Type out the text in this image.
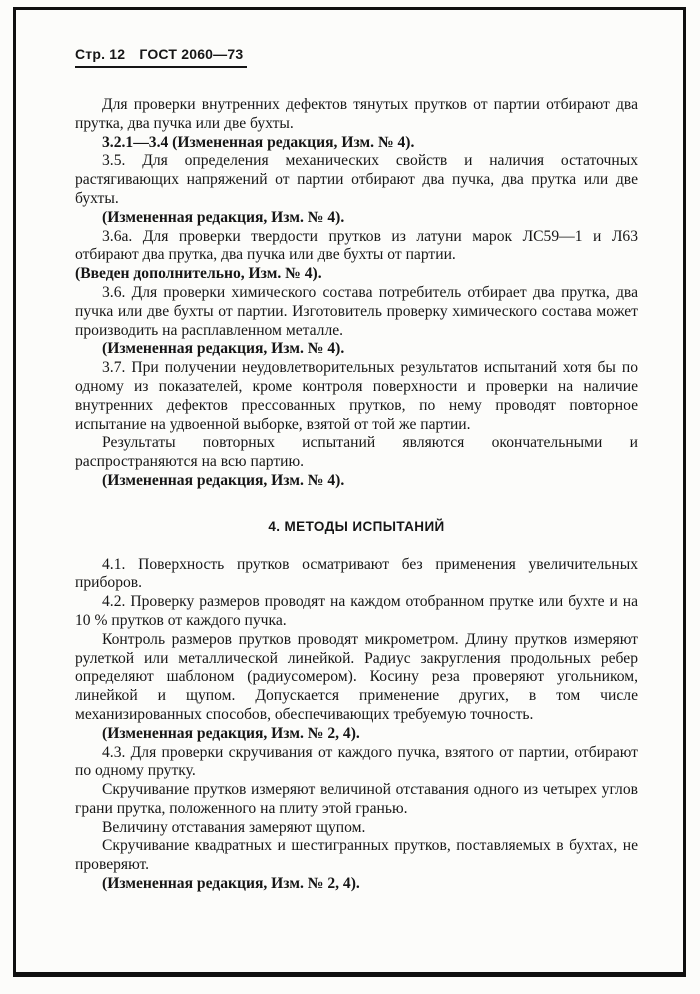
Стр. 12 ГОСТ 2060—73

Для проверки внутренних дефектов тянутых прутков от партии отбирают два прутка, два пучка или две бухты.

3.2.1—3.4 (Измененная редакция, Изм. № 4).

3.5. Для определения механических свойств и наличия остаточных растягивающих напряжений от партии отбирают два пучка, два прутка или две бухты.

(Измененная редакция, Изм. № 4).

3.6а. Для проверки твердости прутков из латуни марок ЛС59—1 и Л63 отбирают два прутка, два пучка или две бухты от партии.

(Введен дополнительно, Изм. № 4).

3.6. Для проверки химического состава потребитель отбирает два прутка, два пучка или две бухты от партии. Изготовитель проверку химического состава может производить на расплавленном металле.

(Измененная редакция, Изм. № 4).

3.7. При получении неудовлетворительных результатов испытаний хотя бы по одному из показателей, кроме контроля поверхности и проверки на наличие внутренних дефектов прессованных прутков, по нему проводят повторное испытание на удвоенной выборке, взятой от той же партии.

Результаты повторных испытаний являются окончательными и распространяются на всю партию.

(Измененная редакция, Изм. № 4).

4. МЕТОДЫ ИСПЫТАНИЙ

4.1. Поверхность прутков осматривают без применения увеличительных приборов.

4.2. Проверку размеров проводят на каждом отобранном прутке или бухте и на 10 % прутков от каждого пучка.

Контроль размеров прутков проводят микрометром. Длину прутков измеряют рулеткой или металлической линейкой. Радиус закругления продольных ребер определяют шаблоном (радиусомером). Косину реза проверяют угольником, линейкой и щупом. Допускается применение других, в том числе механизированных способов, обеспечивающих требуемую точность.

(Измененная редакция, Изм. № 2, 4).

4.3. Для проверки скручивания от каждого пучка, взятого от партии, отбирают по одному прутку.

Скручивание прутков измеряют величиной отставания одного из четырех углов грани прутка, положенного на плиту этой гранью.

Величину отставания замеряют щупом.

Скручивание квадратных и шестигранных прутков, поставляемых в бухтах, не проверяют.

(Измененная редакция, Изм. № 2, 4).
